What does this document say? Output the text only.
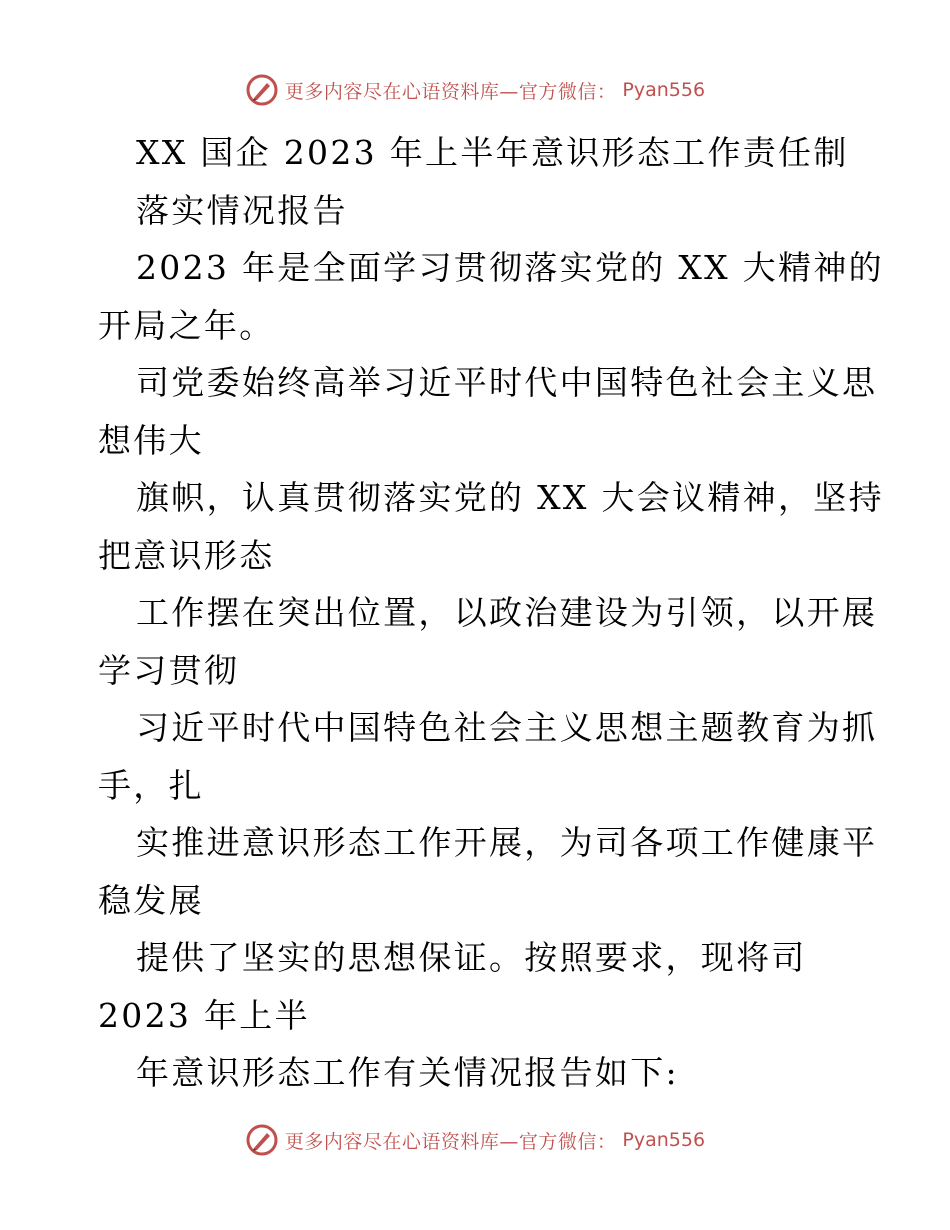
更多内容尽在心语资料库—官方微信： Pyan556
XX 国企 2023 年上半年意识形态工作责任制
落实情况报告
2023 年是全面学习贯彻落实党的 XX 大精神的
开局之年。
司党委始终高举习近平时代中国特色社会主义思
想伟大
旗帜，认真贯彻落实党的 XX 大会议精神，坚持
把意识形态
工作摆在突出位置，以政治建设为引领，以开展
学习贯彻
习近平时代中国特色社会主义思想主题教育为抓
手，扎
实推进意识形态工作开展，为司各项工作健康平
稳发展
提供了坚实的思想保证。按照要求，现将司
2023 年上半
年意识形态工作有关情况报告如下:
更多内容尽在心语资料库—官方微信： Pyan556
